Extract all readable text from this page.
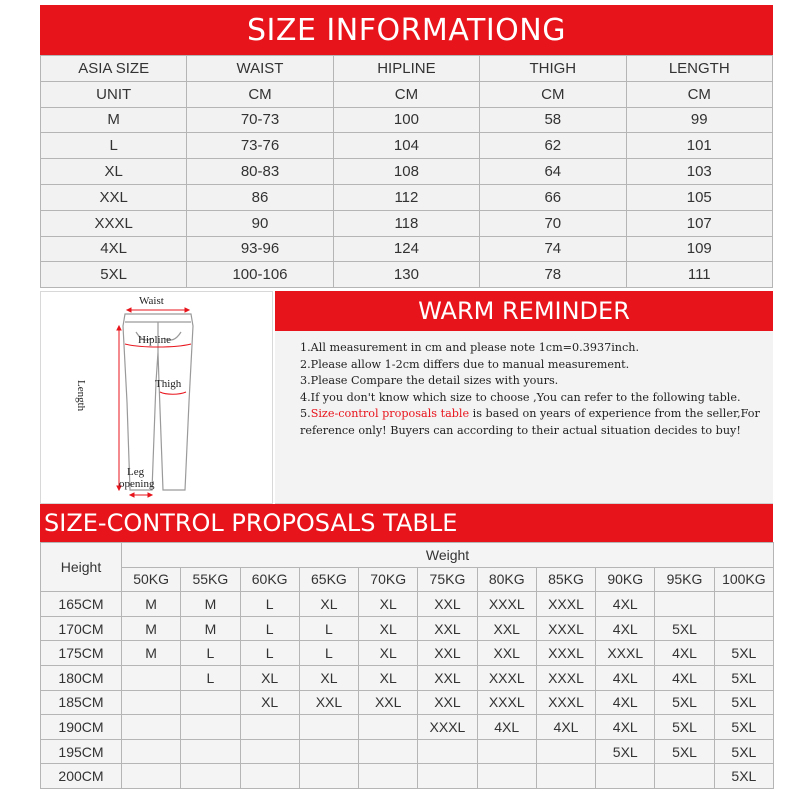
SIZE INFORMATIONG
ASIA SIZE	WAIST	HIPLINE	THIGH	LENGTH
UNIT	CM	CM	CM	CM
M	70-73	100	58	99
L	73-76	104	62	101
XL	80-83	108	64	103
XXL	86	112	66	105
XXXL	90	118	70	107
4XL	93-96	124	74	109
5XL	100-106	130	78	111
Waist
Hipline
Length	Thigh
Leg
opening
WARM REMINDER

1.All measurement in cm and please note 1cm=0.3937inch.

2.Please allow 1-2cm differs due to manual measurement.

3.Please Compare the detail sizes with yours.

4.If you don't know which size to choose ,You can refer to the following table.

5.Size-control proposals table is based on years of experience from the seller,For reference only! Buyers can according to their actual situation decides to buy!

SIZE-CONTROL PROPOSALS TABLE
Height	Weight										
	50KG	55KG	60KG	65KG	70KG	75KG	80KG	85KG	90KG	95KG	100KG
165CM	M	M	L	XL	XL	XXL	XXXL	XXXL	4XL		
170CM	M	M	L	L	XL	XXL	XXL	XXXL	4XL	5XL	
175CM	M	L	L	L	XL	XXL	XXL	XXXL	XXXL	4XL	5XL
180CM		L	XL	XL	XL	XXL	XXXL	XXXL	4XL	4XL	5XL
185CM			XL	XXL	XXL	XXL	XXXL	XXXL	4XL	5XL	5XL
190CM						XXXL	4XL	4XL	4XL	5XL	5XL
195CM									5XL	5XL	5XL
200CM											5XL
